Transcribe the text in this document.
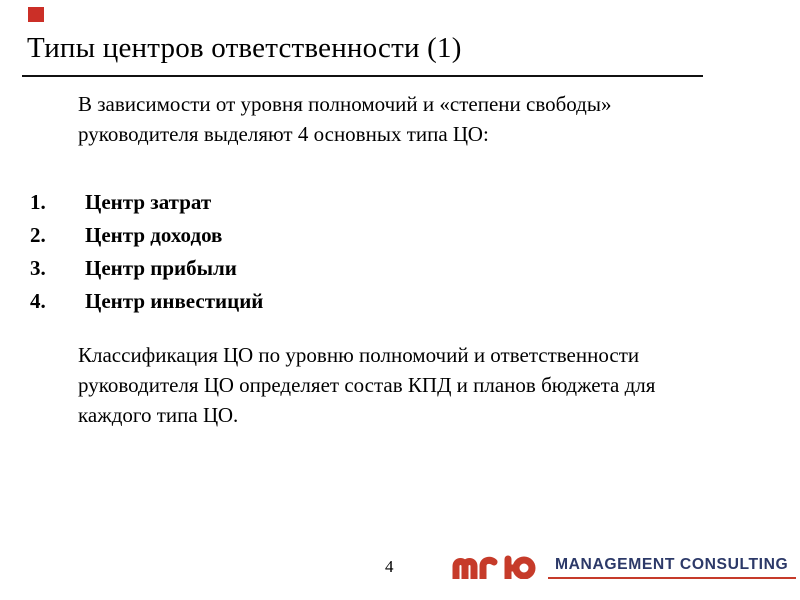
Типы центров ответственности (1)
В зависимости от уровня полномочий и «степени свободы»
руководителя выделяют 4 основных типа ЦО:
1. Центр затрат
2. Центр доходов
3. Центр прибыли
4. Центр инвестиций
Классификация ЦО по уровню полномочий и ответственности
руководителя ЦО определяет состав КПД и планов бюджета для
каждого типа ЦО.
4	MANAGEMENT CONSULTING
